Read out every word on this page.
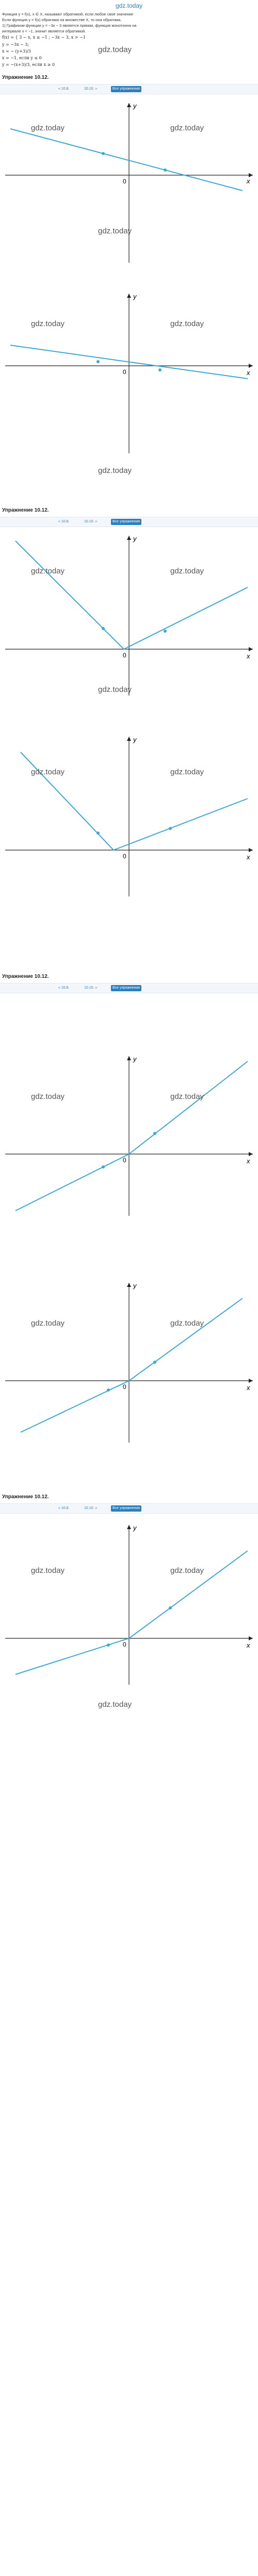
gdz.today
Функция y = f(x), x ∈ X, называют обратимой, если любое своё значение
Если функция y = f(x) обратима на множестве X, то она обратима.
1) Графиком функции y = −3x − 3 является прямая, функция монотонна на
интервале x < −1, значит является обратимой.
f(x) = { 3 − x, x ≤ −1 ; −3x − 3, x > −1
y = −3x − 3;
x = − (y+3)/3
x = −1, если y ≤ 0
y = −(x+3)/3, если x ≥ 0
gdz.today
Упражнение 10.12.
« 10.8.	10.10. »	Все упражнения
x
y
0
gdz.today	gdz.today
gdz.today
x
y
0
gdz.today	gdz.today
gdz.today
Упражнение 10.12.
« 10.8.	10.10. »	Все упражнения
x
y
0
gdz.today	gdz.today
gdz.today
x
y
0
gdz.today	gdz.today
Упражнение 10.12.
« 10.8.	10.10. »	Все упражнения
x
y
0
gdz.today	gdz.today
x
y
0
gdz.today	gdz.today
Упражнение 10.12.
« 10.8.	10.10. »	Все упражнения
x
y
0
gdz.today	gdz.today
gdz.today
